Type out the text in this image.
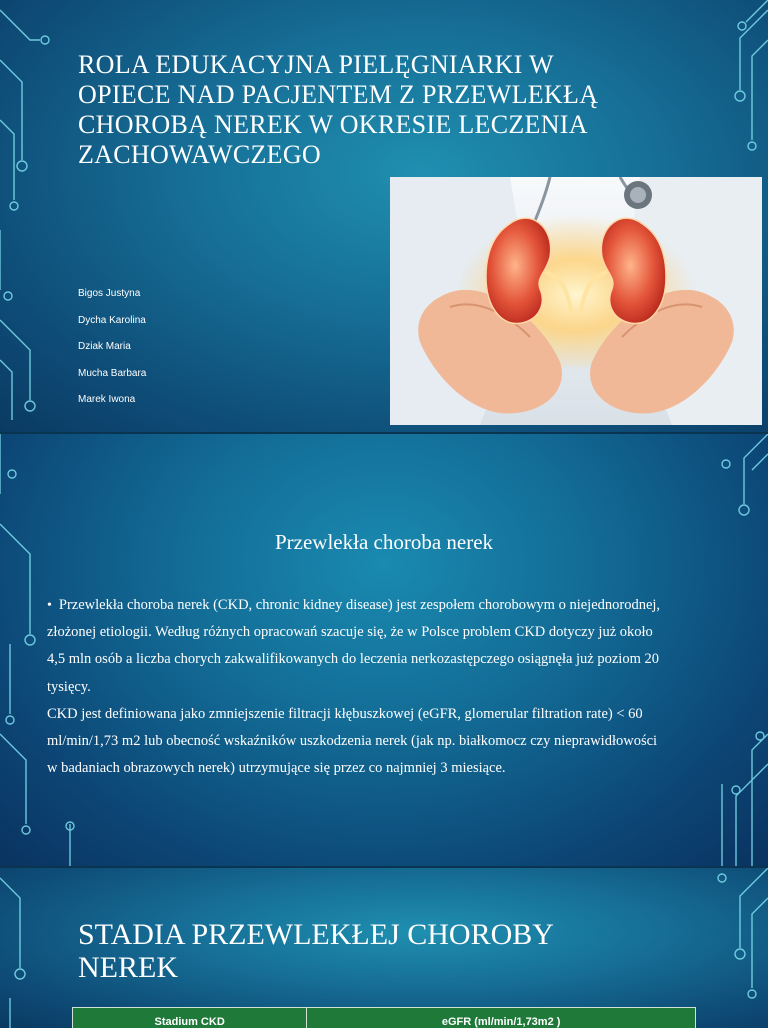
ROLA EDUKACYJNA PIELĘGNIARKI W OPIECE NAD PACJENTEM Z PRZEWLEKŁĄ CHOROBĄ NEREK W OKRESIE LECZENIA ZACHOWAWCZEGO
Bigos Justyna
Dycha Karolina
Dziak Maria
Mucha Barbara
Marek Iwona
Przewlekła choroba nerek
• Przewlekła choroba nerek (CKD, chronic kidney disease) jest zespołem chorobowym o niejednorodnej, złożonej etiologii. Według różnych opracowań szacuje się, że w Polsce problem CKD dotyczy już około 4,5 mln osób a liczba chorych zakwalifikowanych do leczenia nerkozastępczego osiągnęła już poziom 20 tysięcy.
CKD jest definiowana jako zmniejszenie filtracji kłębuszkowej (eGFR, glomerular filtration rate) < 60 ml/min/1,73 m2 lub obecność wskaźników uszkodzenia nerek (jak np. białkomocz czy nieprawidłowości w badaniach obrazowych nerek) utrzymujące się przez co najmniej 3 miesiące.
STADIA PRZEWLEKŁEJ CHOROBY NEREK
Stadium CKD	eGFR (ml/min/1,73m2 )
